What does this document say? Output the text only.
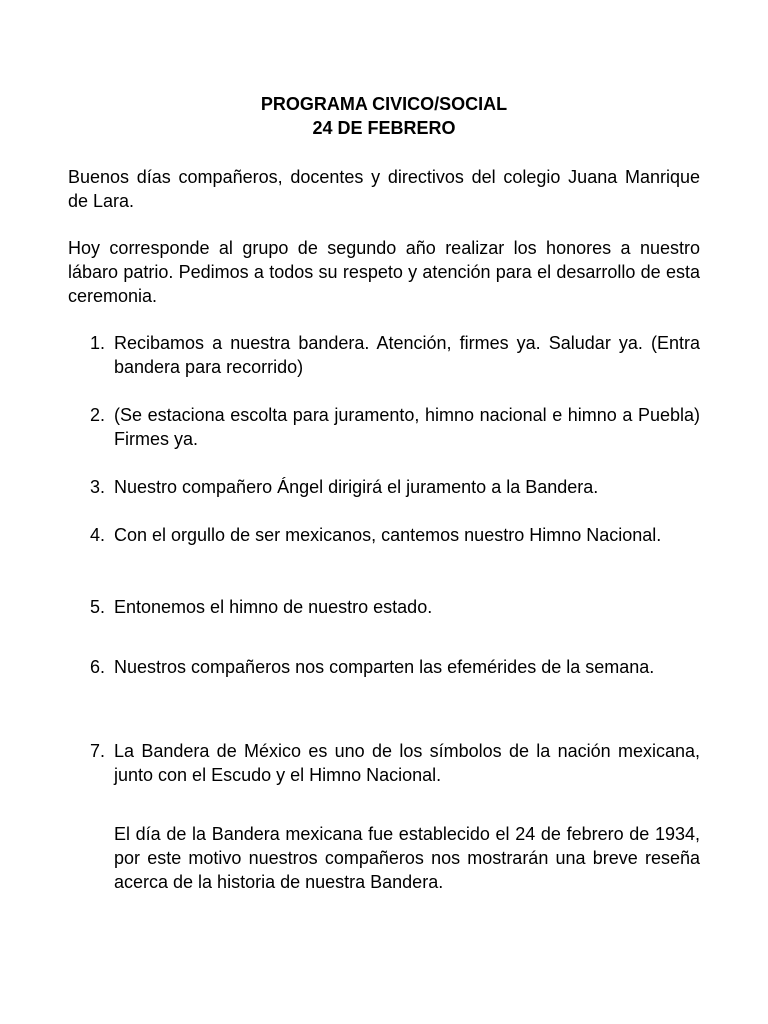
PROGRAMA CIVICO/SOCIAL
24 DE FEBRERO
Buenos días compañeros, docentes y directivos del colegio Juana Manrique de Lara.
Hoy corresponde al grupo de segundo año realizar los honores a nuestro lábaro patrio. Pedimos a todos su respeto y atención para el desarrollo de esta ceremonia.
1. Recibamos a nuestra bandera. Atención, firmes ya. Saludar ya. (Entra bandera para recorrido)
2. (Se estaciona escolta para juramento, himno nacional e himno a Puebla) Firmes ya.
3. Nuestro compañero Ángel dirigirá el juramento a la Bandera.
4. Con el orgullo de ser mexicanos, cantemos nuestro Himno Nacional.
5. Entonemos el himno de nuestro estado.
6. Nuestros compañeros nos comparten las efemérides de la semana.
7. La Bandera de México es uno de los símbolos de la nación mexicana, junto con el Escudo y el Himno Nacional.
El día de la Bandera mexicana fue establecido el 24 de febrero de 1934, por este motivo nuestros compañeros nos mostrarán una breve reseña acerca de la historia de nuestra Bandera.
